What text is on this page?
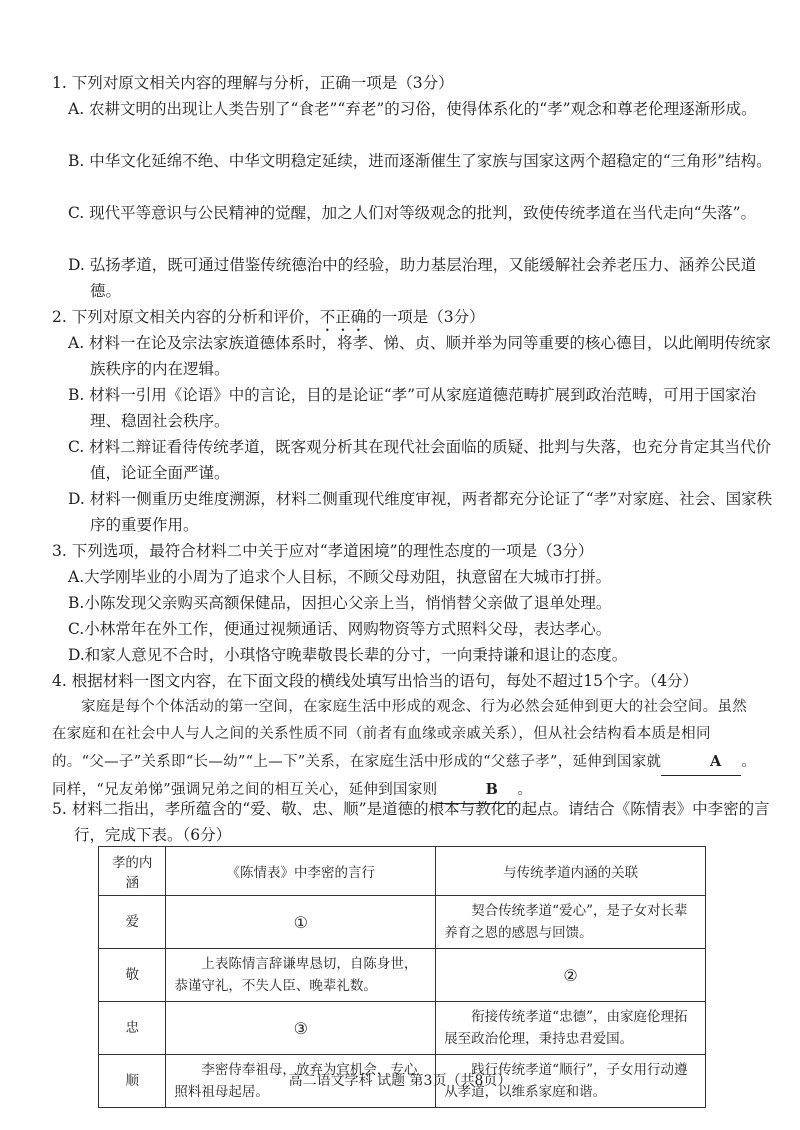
1. 下列对原文相关内容的理解与分析，正确一项是（3分）
A. 农耕文明的出现让人类告别了“食老”“弃老”的习俗，使得体系化的“孝”观念和尊老伦理逐渐形成。
B. 中华文化延绵不绝、中华文明稳定延续，进而逐渐催生了家族与国家这两个超稳定的“三角形”结构。
C. 现代平等意识与公民精神的觉醒，加之人们对等级观念的批判，致使传统孝道在当代走向“失落”。
D. 弘扬孝道，既可通过借鉴传统德治中的经验，助力基层治理，又能缓解社会养老压力、涵养公民道德。
2. 下列对原文相关内容的分析和评价，不正确的一项是（3分）
A. 材料一在论及宗法家族道德体系时，将孝、悌、贞、顺并举为同等重要的核心德目，以此阐明传统家族秩序的内在逻辑。
B. 材料一引用《论语》中的言论，目的是论证“孝”可从家庭道德范畴扩展到政治范畴，可用于国家治理、稳固社会秩序。
C. 材料二辩证看待传统孝道，既客观分析其在现代社会面临的质疑、批判与失落，也充分肯定其当代价值，论证全面严谨。
D. 材料一侧重历史维度溯源，材料二侧重现代维度审视，两者都充分论证了“孝”对家庭、社会、国家秩序的重要作用。
3. 下列选项，最符合材料二中关于应对“孝道困境”的理性态度的一项是（3分）
A.大学刚毕业的小周为了追求个人目标，不顾父母劝阻，执意留在大城市打拼。
B.小陈发现父亲购买高额保健品，因担心父亲上当，悄悄替父亲做了退单处理。
C.小林常年在外工作，便通过视频通话、网购物资等方式照料父母，表达孝心。
D.和家人意见不合时，小琪恪守晚辈敬畏长辈的分寸，一向秉持谦和退让的态度。
4. 根据材料一图文内容，在下面文段的横线处填写出恰当的语句，每处不超过15个字。（4分）
家庭是每个个体活动的第一空间，在家庭生活中形成的观念、行为必然会延伸到更大的社会空间。虽然在家庭和在社会中人与人之间的关系性质不同（前者有血缘或亲戚关系），但从社会结构看本质是相同的。“父—子”关系即“长—幼”“上—下”关系，在家庭生活中形成的“父慈子孝”，延伸到国家就	A 。同样，“兄友弟悌”强调兄弟之间的相互关心，延伸到国家则	B 。
5. 材料二指出，孝所蕴含的“爱、敬、忠、顺”是道德的根本与教化的起点。请结合《陈情表》中李密的言行，完成下表。（6分）
孝的内涵	《陈情表》中李密的言行	与传统孝道内涵的关联
爱	①	契合传统孝道“爱心”，是子女对长辈养育之恩的感恩与回馈。
敬	上表陈情言辞谦卑恳切，自陈身世，恭谨守礼，不失人臣、晚辈礼数。	②
忠	③	衔接传统孝道“忠德”，由家庭伦理拓展至政治伦理，秉持忠君爱国。
顺	李密侍奉祖母，放弃为官机会，专心照料祖母起居。	践行传统孝道“顺行”，子女用行动遵从孝道，以维系家庭和谐。
高二语文学科 试题 第3页（共8页）
